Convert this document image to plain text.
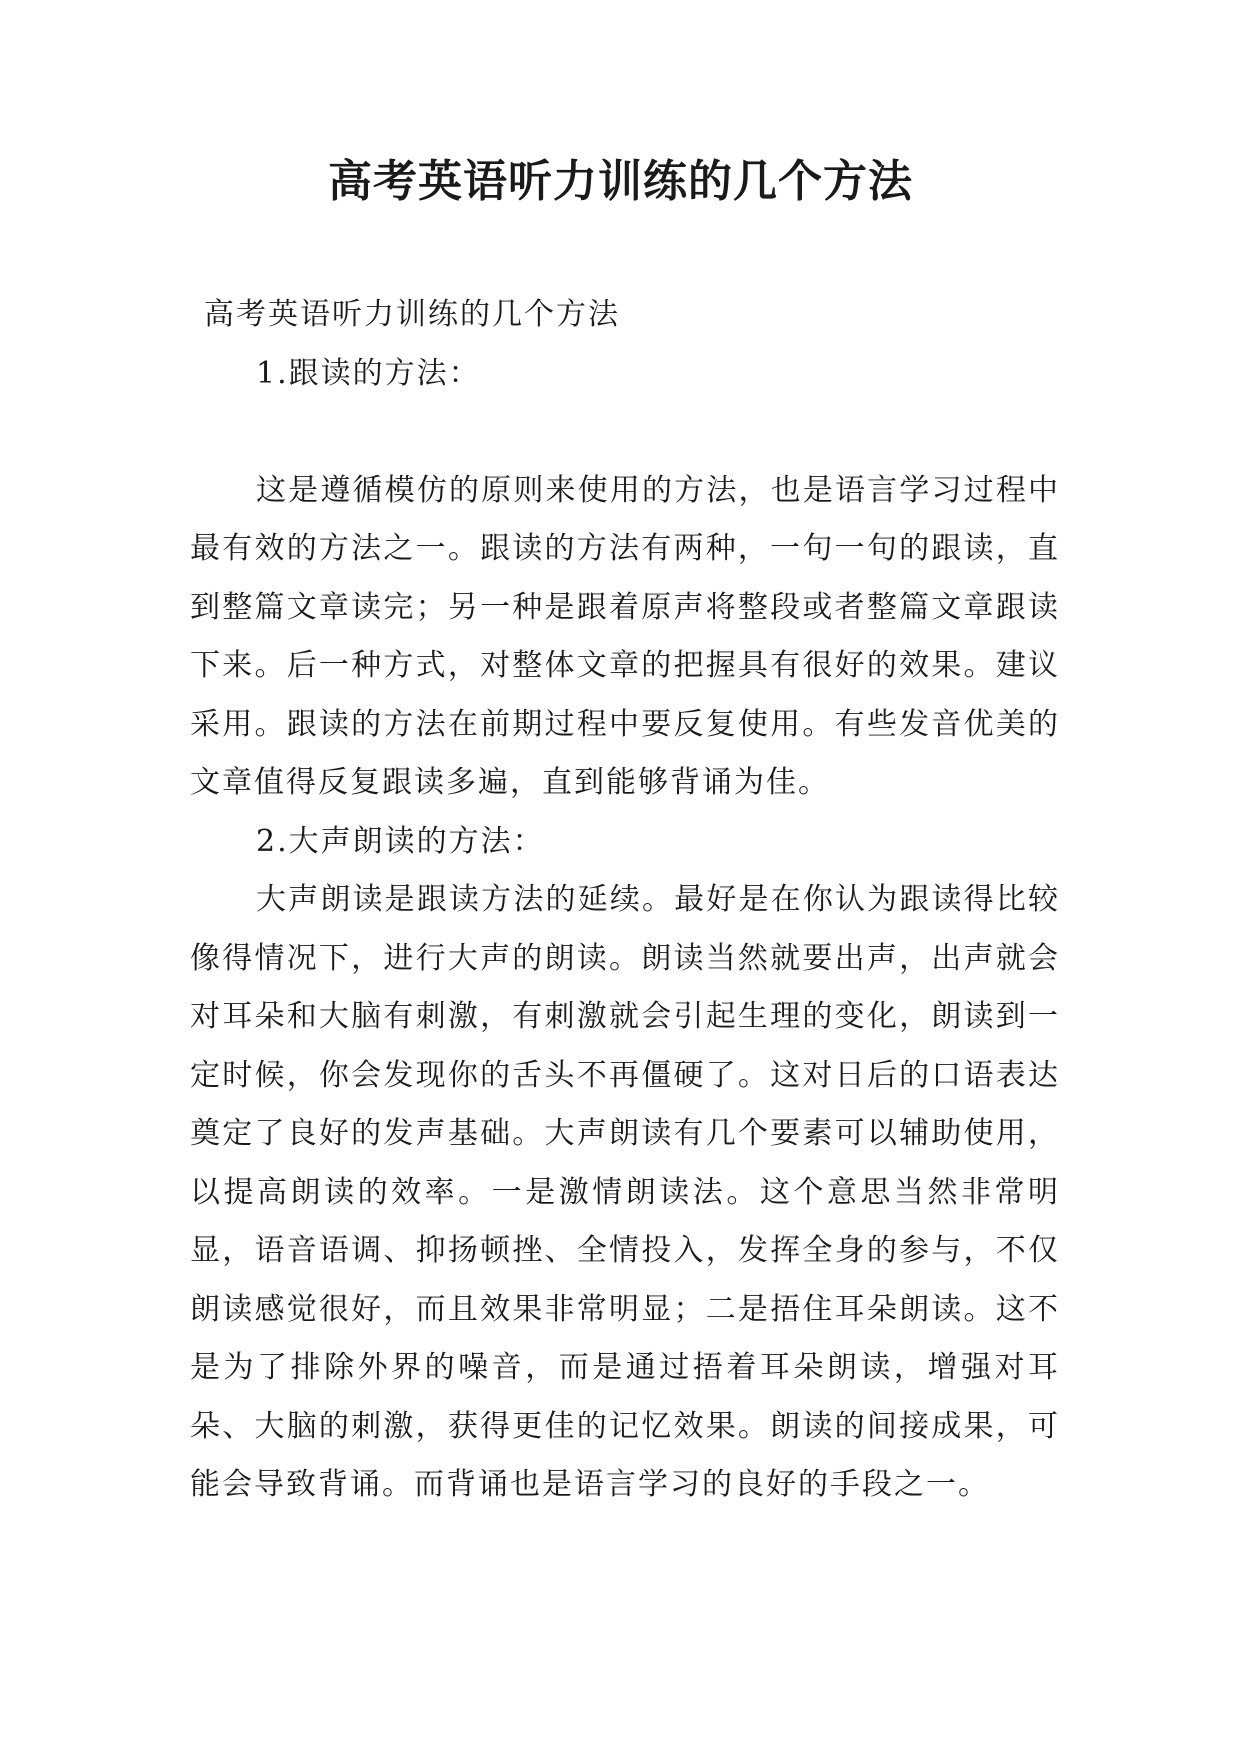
高考英语听力训练的几个方法

高考英语听力训练的几个方法

1.跟读的方法：

这是遵循模仿的原则来使用的方法，也是语言学习过程中最有效的方法之一。跟读的方法有两种，一句一句的跟读，直到整篇文章读完；另一种是跟着原声将整段或者整篇文章跟读下来。后一种方式，对整体文章的把握具有很好的效果。建议采用。跟读的方法在前期过程中要反复使用。有些发音优美的文章值得反复跟读多遍，直到能够背诵为佳。

2.大声朗读的方法：

大声朗读是跟读方法的延续。最好是在你认为跟读得比较像得情况下，进行大声的朗读。朗读当然就要出声，出声就会对耳朵和大脑有刺激，有刺激就会引起生理的变化，朗读到一定时候，你会发现你的舌头不再僵硬了。这对日后的口语表达奠定了良好的发声基础。大声朗读有几个要素可以辅助使用，以提高朗读的效率。一是激情朗读法。这个意思当然非常明显，语音语调、抑扬顿挫、全情投入，发挥全身的参与，不仅朗读感觉很好，而且效果非常明显；二是捂住耳朵朗读。这不是为了排除外界的噪音，而是通过捂着耳朵朗读，增强对耳朵、大脑的刺激，获得更佳的记忆效果。朗读的间接成果，可能会导致背诵。而背诵也是语言学习的良好的手段之一。
